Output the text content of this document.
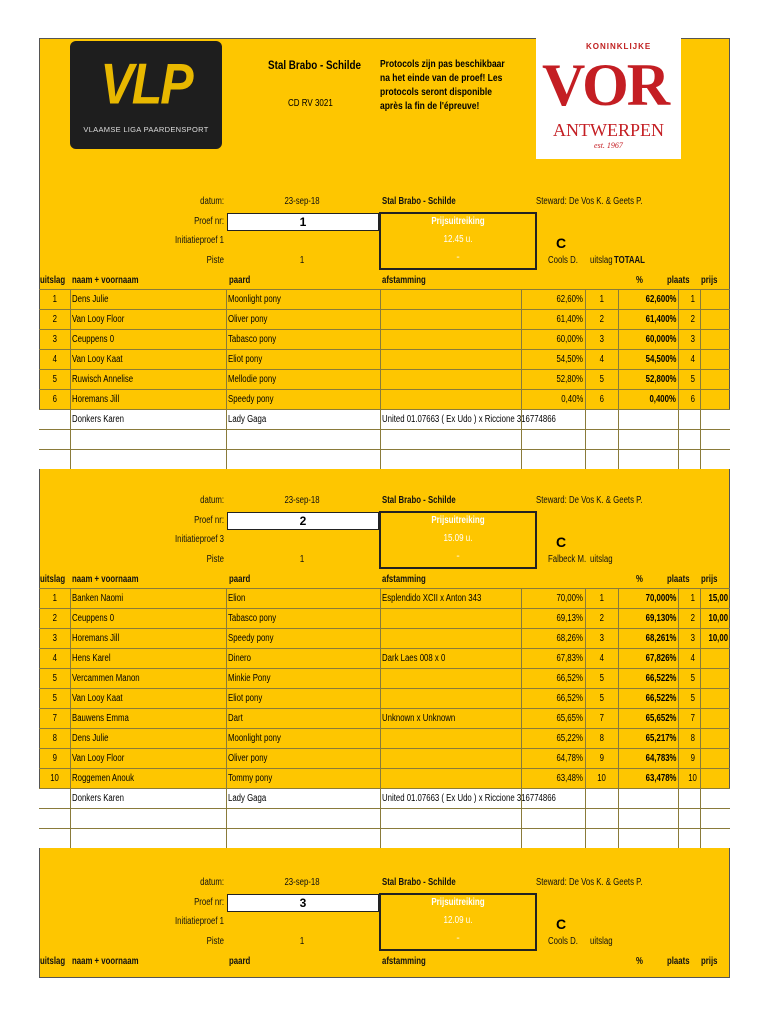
VLP
VLAAMSE LIGA PAARDENSPORT
Stal Brabo - Schilde
CD RV 3021
Protocols zijn pas beschikbaar na het einde van de proef! Les protocols seront disponible après la fin de l'épreuve!
KONINKLIJKE
VOR
ANTWERPEN
est. 1967
datum:
Proef nr:
Initiatieproef 1
Piste
23-sep-18
1
1
Stal Brabo - Schilde	Steward: De Vos K. & Geets P.
Prijsuitreiking
12.45 u.
-
C
Cools D. uitslag TOTAAL
uitslag naam + voornaam	paard	afstamming	% plaats prijs
1	Dens Julie	Moonlight pony	62,60%	1	62,600%	1
2	Van Looy Floor	Oliver pony	61,40%	2	61,400%	2
3	Ceuppens 0	Tabasco pony	60,00%	3	60,000%	3
4	Van Looy Kaat	Eliot pony	54,50%	4	54,500%	4
5	Ruwisch Annelise	Mellodie pony	52,80%	5	52,800%	5
6	Horemans Jill	Speedy pony	0,40%	6	0,400%	6
Donkers Karen	Lady Gaga	United 01.07663 ( Ex Udo ) x Riccione 316774866
datum:
Proef nr:
Initiatieproef 3
Piste
23-sep-18
2
1
Stal Brabo - Schilde	Steward: De Vos K. & Geets P.
Prijsuitreiking
15.09 u.
-
C
Falbeck M. uitslag
uitslag naam + voornaam	paard	afstamming	% plaats prijs
1	Banken Naomi	Elion	Esplendido XCII x Anton 343	70,00%	1	70,000%	1	15,00
2	Ceuppens 0	Tabasco pony	69,13%	2	69,130%	2	10,00
3	Horemans Jill	Speedy pony	68,26%	3	68,261%	3	10,00
4	Hens Karel	Dinero	Dark Laes 008 x 0	67,83%	4	67,826%	4
5	Vercammen Manon	Minkie Pony	66,52%	5	66,522%	5
5	Van Looy Kaat	Eliot pony	66,52%	5	66,522%	5
7	Bauwens Emma	Dart	Unknown x Unknown	65,65%	7	65,652%	7
8	Dens Julie	Moonlight pony	65,22%	8	65,217%	8
9	Van Looy Floor	Oliver pony	64,78%	9	64,783%	9
10	Roggemen Anouk	Tommy pony	63,48%	10	63,478%	10
Donkers Karen	Lady Gaga	United 01.07663 ( Ex Udo ) x Riccione 316774866
datum:
Proef nr:
Initiatieproef 1
Piste
23-sep-18
3
1
Stal Brabo - Schilde	Steward: De Vos K. & Geets P.
Prijsuitreiking
12.09 u.
-
C
Cools D. uitslag
uitslag naam + voornaam	paard	afstamming	% plaats prijs
